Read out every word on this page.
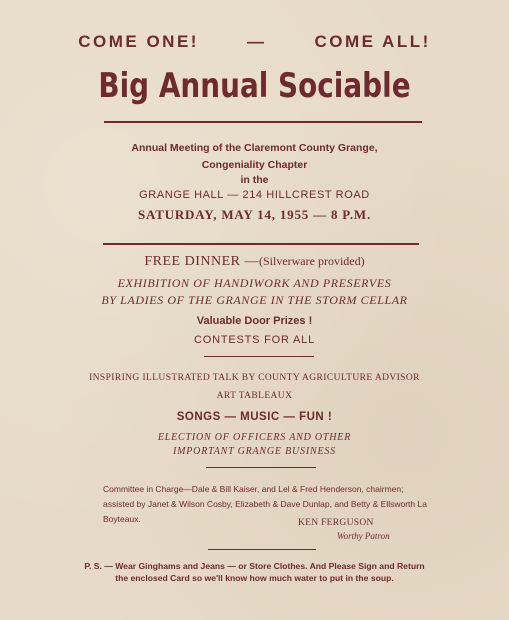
COME ONE!	—	COME ALL!
Big Annual Sociable
Annual Meeting of the Claremont County Grange,
Congeniality Chapter
in the
GRANGE HALL — 214 HILLCREST ROAD
SATURDAY, MAY 14, 1955 — 8 P.M.
FREE DINNER —(Silverware provided)
EXHIBITION OF HANDIWORK AND PRESERVES
BY LADIES OF THE GRANGE IN THE STORM CELLAR
Valuable Door Prizes !
CONTESTS FOR ALL
INSPIRING ILLUSTRATED TALK BY COUNTY AGRICULTURE ADVISOR
ART TABLEAUX
SONGS — MUSIC — FUN !
ELECTION OF OFFICERS AND OTHER
IMPORTANT GRANGE BUSINESS
Committee in Charge—Dale & Bill Kaiser, and Lel & Fred Henderson, chairmen; assisted by Janet & Wilson Cosby, Elizabeth & Dave Dunlap, and Betty & Ellsworth La Boyteaux.	KEN FERGUSON
Worthy Patron
P. S. — Wear Ginghams and Jeans — or Store Clothes. And Please Sign and Return
the enclosed Card so we'll know how much water to put in the soup.
